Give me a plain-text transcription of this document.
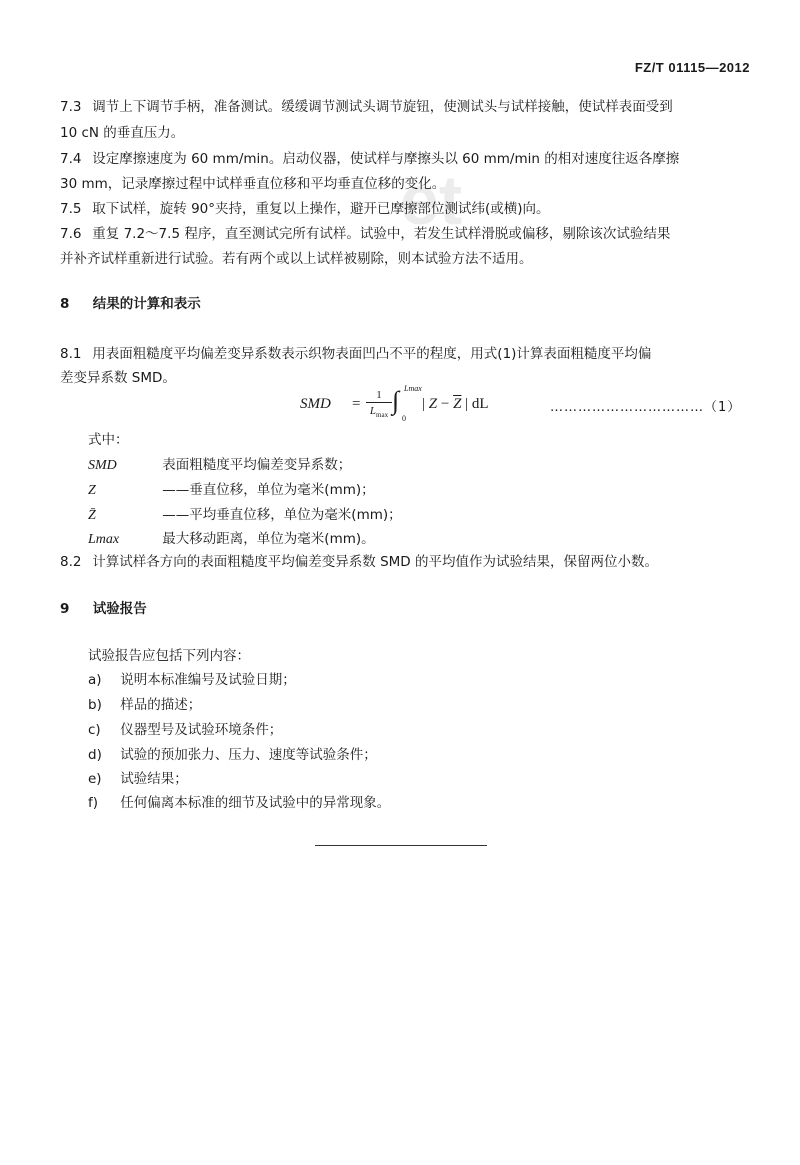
et
FZ/T 01115—2012
7.3 调节上下调节手柄，准备测试。缓缓调节测试头调节旋钮，使测试头与试样接触，使试样表面受到
10 cN 的垂直压力。
7.4 设定摩擦速度为 60 mm/min。启动仪器，使试样与摩擦头以 60 mm/min 的相对速度往返各摩擦
30 mm，记录摩擦过程中试样垂直位移和平均垂直位移的变化。
7.5 取下试样，旋转 90°夹持，重复以上操作，避开已摩擦部位测试纬(或横)向。
7.6 重复 7.2～7.5 程序，直至测试完所有试样。试验中，若发生试样滑脱或偏移，剔除该次试验结果
并补齐试样重新进行试验。若有两个或以上试样被剔除，则本试验方法不适用。
8 结果的计算和表示
8.1 用表面粗糙度平均偏差变异系数表示织物表面凹凸不平的程度，用式(1)计算表面粗糙度平均偏
差变异系数 SMD。
SMD =
1
$L_{max}$
∫ Lmax
0
| $Z - \overline{Z}$ | dL	……………………………（1）
式中：
SMD	表面粗糙度平均偏差变异系数；
Z	——垂直位移，单位为毫米(mm)；
Z̄	——平均垂直位移，单位为毫米(mm)；
Lmax	最大移动距离，单位为毫米(mm)。
8.2 计算试样各方向的表面粗糙度平均偏差变异系数 SMD 的平均值作为试验结果，保留两位小数。
9 试验报告
试验报告应包括下列内容：
a) 说明本标准编号及试验日期；
b) 样品的描述；
c) 仪器型号及试验环境条件；
d) 试验的预加张力、压力、速度等试验条件；
e) 试验结果；
f) 任何偏离本标准的细节及试验中的异常现象。
